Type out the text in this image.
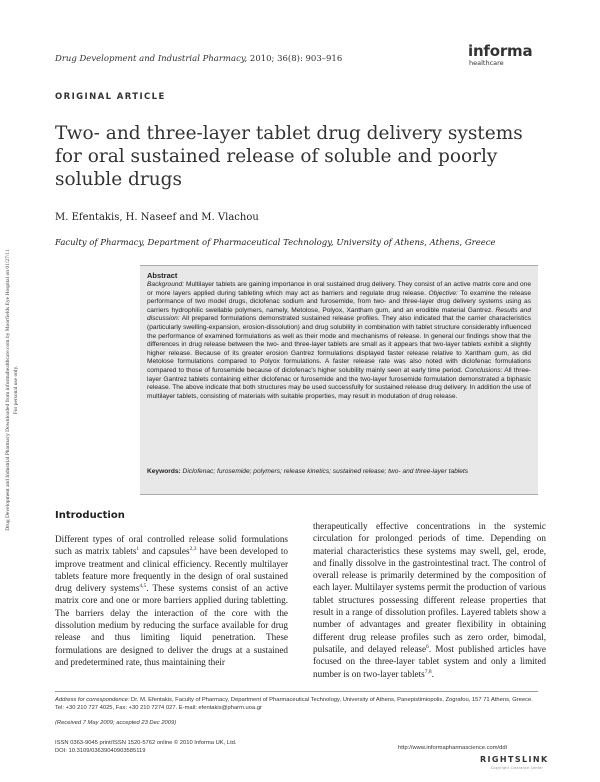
Drug Development and Industrial Pharmacy Downloaded from informahealthcare.com by Moorfields Eye Hospital on 01/27/11 For personal use only.
Drug Development and Industrial Pharmacy, 2010; 36(8): 903–916	informa
healthcare
ORIGINAL ARTICLE
Two- and three-layer tablet drug delivery systems for oral sustained release of soluble and poorly soluble drugs
M. Efentakis, H. Naseef and M. Vlachou
Faculty of Pharmacy, Department of Pharmaceutical Technology, University of Athens, Athens, Greece
Abstract
Background: Multilayer tablets are gaining importance in oral sustained drug delivery. They consist of an active matrix core and one or more layers applied during tableting which may act as barriers and regulate drug release. Objective: To examine the release performance of two model drugs, diclofenac sodium and furosemide, from two- and three-layer drug delivery systems using as carriers hydrophilic swellable polymers, namely, Metolose, Polyox, Xantham gum, and an erodible material Gantrez. Results and discussion: All prepared formulations demonstrated sustained release profiles. They also indicated that the carrier characteristics (particularly swelling-expansion, erosion-dissolution) and drug solubility in combination with tablet structure considerably influenced the performance of examined formulations as well as their mode and mechanisms of release. In general our findings show that the differences in drug release between the two- and three-layer tablets are small as it appears that two-layer tablets exhibit a slightly higher release. Because of its greater erosion Gantrez formulations displayed faster release relative to Xantham gum, as did Metolose formulations compared to Polyox formulations. A faster release rate was also noted with diclofenac formulations compared to those of furosemide because of diclofenac's higher solubility mainly seen at early time period. Conclusions: All three-layer Gantrez tablets containing either diclofenac or furosemide and the two-layer furosemide formulation demonstrated a biphasic release. The above indicate that both structures may be used successfully for sustained release drug delivery. In addition the use of multilayer tablets, consisting of materials with suitable properties, may result in modulation of drug release.
Keywords: Diclofenac; furosemide; polymers; release kinetics; sustained release; two- and three-layer tablets
Introduction
Different types of oral controlled release solid formulations such as matrix tablets$^1$ and capsules$^{2,3}$ have been developed to improve treatment and clinical efficiency. Recently multilayer tablets feature more frequently in the design of oral sustained drug delivery systems$^{4,5}$. These systems consist of an active matrix core and one or more barriers applied during tabletting. The barriers delay the interaction of the core with the dissolution medium by reducing the surface available for drug release and thus limiting liquid penetration. These formulations are designed to deliver the drugs at a sustained and predetermined rate, thus maintaining their
therapeutically effective concentrations in the systemic circulation for prolonged periods of time. Depending on material characteristics these systems may swell, gel, erode, and finally dissolve in the gastrointestinal tract. The control of overall release is primarily determined by the composition of each layer. Multilayer systems permit the production of various tablet structures possessing different release properties that result in a range of dissolution profiles. Layered tablets show a number of advantages and greater flexibility in obtaining different drug release profiles such as zero order, bimodal, pulsatile, and delayed release$^6$. Most published articles have focused on the three-layer tablet system and only a limited number is on two-layer tablets$^{7,8}$.
Address for correspondence: Dr. M. Efentakis, Faculty of Pharmacy, Department of Pharmaceutical Technology, University of Athens, Panepistimiopolis, Zografou, 157 71 Athens, Greece. Tel: +30 210 727 4025, Fax: +30 210 7274 027. E-mail: efentakis@pharm.uoa.gr
(Received 7 May 2009; accepted 23 Dec 2009)
ISSN 0363-9045 print/ISSN 1520-5762 online © 2010 Informa UK, Ltd.
DOI: 10.3109/03639040903585119	http://www.informapharmascience.com/ddi
RIGHTSLINK
Copyright Clearance Center
